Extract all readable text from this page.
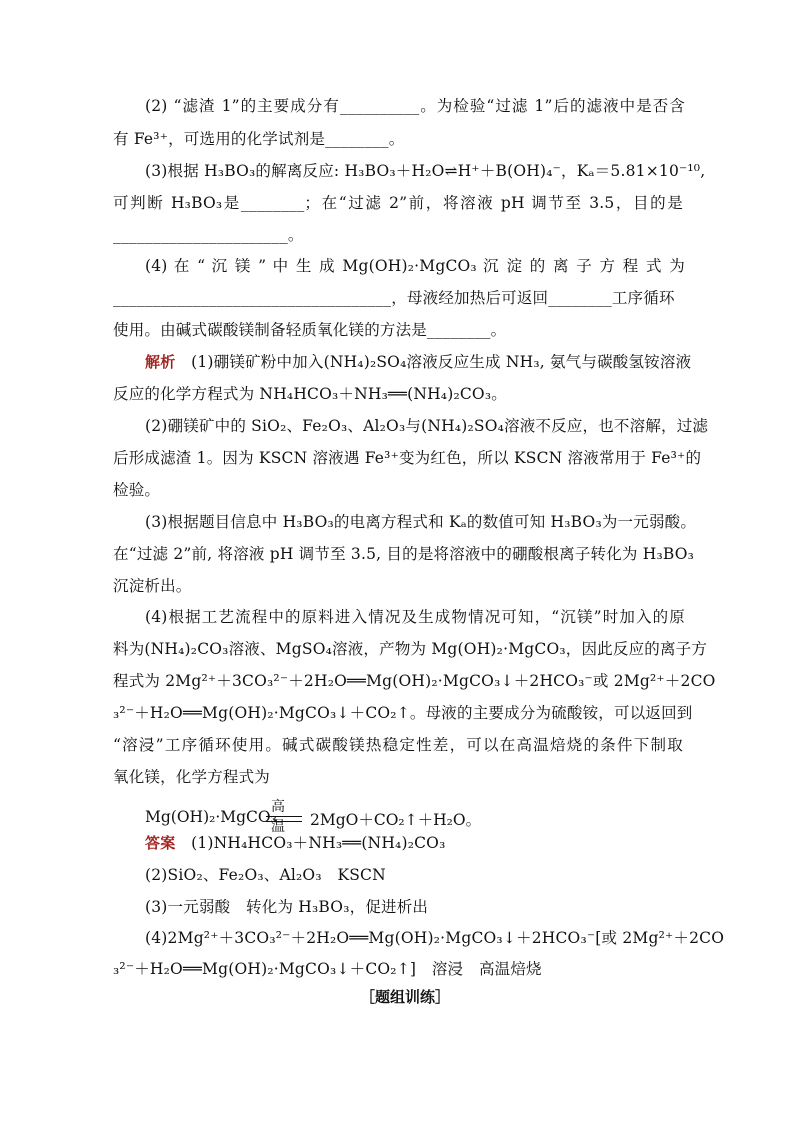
(2) “滤渣 1”的主要成分有__________。为检验“过滤 1”后的滤液中是否含
有 Fe³⁺，可选用的化学试剂是________。
(3)根据 H₃BO₃的解离反应: H₃BO₃＋H₂O⇌H⁺＋B(OH)₄⁻，Kₐ＝5.81×10⁻¹⁰,
可判断 H₃BO₃是________；在“过滤 2”前，将溶液 pH 调节至 3.5，目的是
______________________。
(4) 在 “ 沉 镁 ” 中 生 成 Mg(OH)₂·MgCO₃ 沉 淀 的 离 子 方 程 式 为
___________________________________，母液经加热后可返回________工序循环
使用。由碱式碳酸镁制备轻质氧化镁的方法是________。
解析　 (1)硼镁矿粉中加入(NH₄)₂SO₄溶液反应生成 NH₃, 氨气与碳酸氢铵溶液
反应的化学方程式为 NH₄HCO₃＋NH₃══(NH₄)₂CO₃。
(2)硼镁矿中的 SiO₂、Fe₂O₃、Al₂O₃与(NH₄)₂SO₄溶液不反应，也不溶解，过滤
后形成滤渣 1。因为 KSCN 溶液遇 Fe³⁺变为红色，所以 KSCN 溶液常用于 Fe³⁺的
检验。
(3)根据题目信息中 H₃BO₃的电离方程式和 Kₐ的数值可知 H₃BO₃为一元弱酸。
在“过滤 2”前, 将溶液 pH 调节至 3.5, 目的是将溶液中的硼酸根离子转化为 H₃BO₃
沉淀析出。
(4)根据工艺流程中的原料进入情况及生成物情况可知，“沉镁”时加入的原
料为(NH₄)₂CO₃溶液、MgSO₄溶液，产物为 Mg(OH)₂·MgCO₃，因此反应的离子方
程式为 2Mg²⁺＋3CO₃²⁻＋2H₂O══Mg(OH)₂·MgCO₃↓＋2HCO₃⁻或 2Mg²⁺＋2CO
₃²⁻＋H₂O══Mg(OH)₂·MgCO₃↓＋CO₂↑。母液的主要成分为硫酸铵，可以返回到
“溶浸”工序循环使用。碱式碳酸镁热稳定性差，可以在高温焙烧的条件下制取
氧化镁，化学方程式为
高温
Mg(OH)₂·MgCO₃ 2MgO＋CO₂↑＋H₂O。
答案　 (1)NH₄HCO₃＋NH₃══(NH₄)₂CO₃
(2)SiO₂、Fe₂O₃、Al₂O₃　KSCN
(3)一元弱酸　转化为 H₃BO₃，促进析出
(4)2Mg²⁺＋3CO₃²⁻＋2H₂O══Mg(OH)₂·MgCO₃↓＋2HCO₃⁻[或 2Mg²⁺＋2CO
₃²⁻＋H₂O══Mg(OH)₂·MgCO₃↓＋CO₂↑]　溶浸　高温焙烧
［题组训练］
